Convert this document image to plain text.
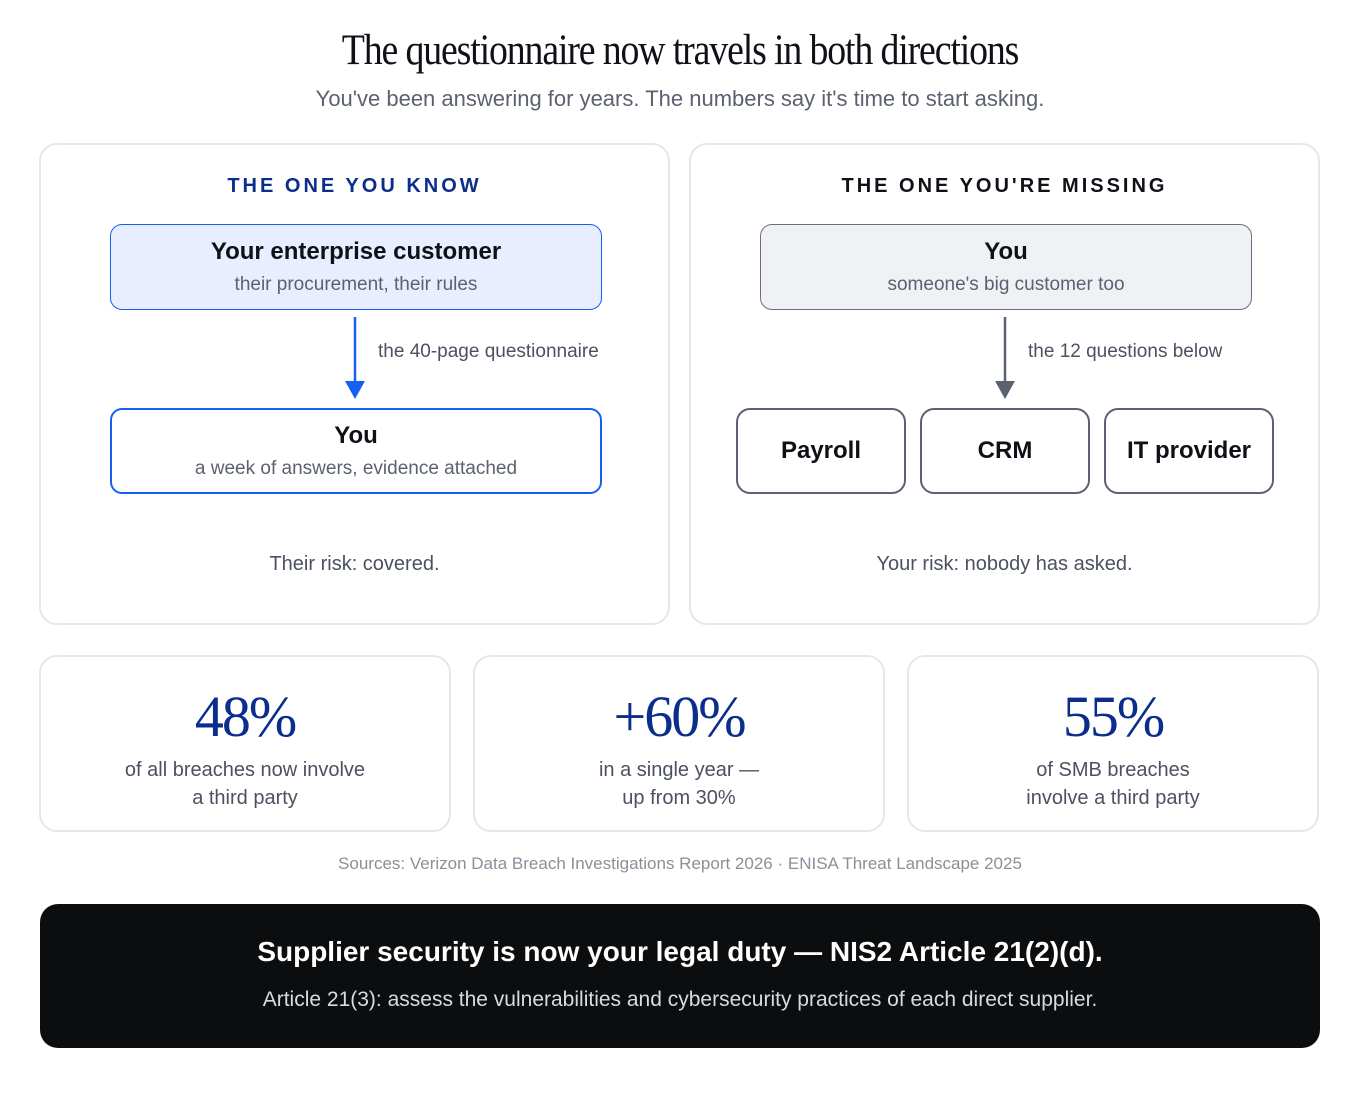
The questionnaire now travels in both directions
You've been answering for years. The numbers say it's time to start asking.
THE ONE YOU KNOW
Your enterprise customer
their procurement, their rules
the 40-page questionnaire
You
a week of answers, evidence attached
Their risk: covered.
THE ONE YOU'RE MISSING
You
someone's big customer too
the 12 questions below
Payroll	CRM	IT provider
Your risk: nobody has asked.
48%
of all breaches now involve
a third party
+60%
in a single year —
up from 30%
55%
of SMB breaches
involve a third party
Sources: Verizon Data Breach Investigations Report 2026 · ENISA Threat Landscape 2025
Supplier security is now your legal duty — NIS2 Article 21(2)(d).
Article 21(3): assess the vulnerabilities and cybersecurity practices of each direct supplier.
